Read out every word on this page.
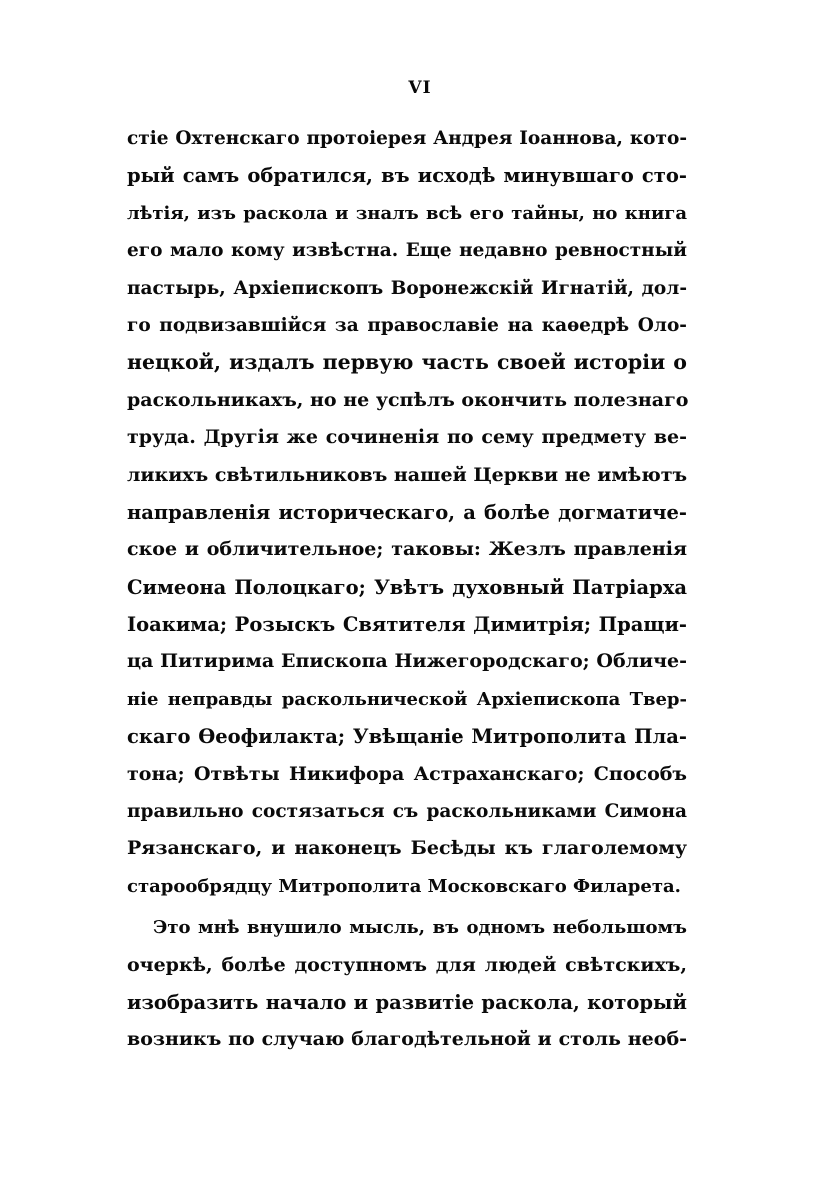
VI
стіе Охтенскаго протоіерея Андрея Іоаннова, кото-
рый самъ обратился, въ исходѣ минувшаго сто-
лѣтія, изъ раскола и зналъ всѣ его тайны, но книга
его мало кому извѣстна. Еще недавно ревностный
пастырь, Архіепископъ Воронежскій Игнатій, дол-
го подвизавшійся за православіе на каѳедрѣ Оло-
нецкой, издалъ первую часть своей исторіи о
раскольникахъ, но не успѣлъ окончить полезнаго
труда. Другія же сочиненія по сему предмету ве-
ликихъ свѣтильниковъ нашей Церкви не имѣютъ
направленія историческаго, а болѣе догматиче-
ское и обличительное; таковы: Жезлъ правленія
Симеона Полоцкаго; Увѣтъ духовный Патріарха
Іоакима; Розыскъ Святителя Димитрія; Пращи-
ца Питирима Епископа Нижегородскаго; Обличе-
ніе неправды раскольнической Архіепископа Твер-
скаго Ѳеофилакта; Увѣщаніе Митрополита Пла-
тона; Отвѣты Никифора Астраханскаго; Способъ
правильно состязаться съ раскольниками Симона
Рязанскаго, и наконецъ Бесѣды къ глаголемому
старообрядцу Митрополита Московскаго Филарета.
Это мнѣ внушило мысль, въ одномъ небольшомъ
очеркѣ, болѣе доступномъ для людей свѣтскихъ,
изобразить начало и развитіе раскола, который
возникъ по случаю благодѣтельной и столь необ-
